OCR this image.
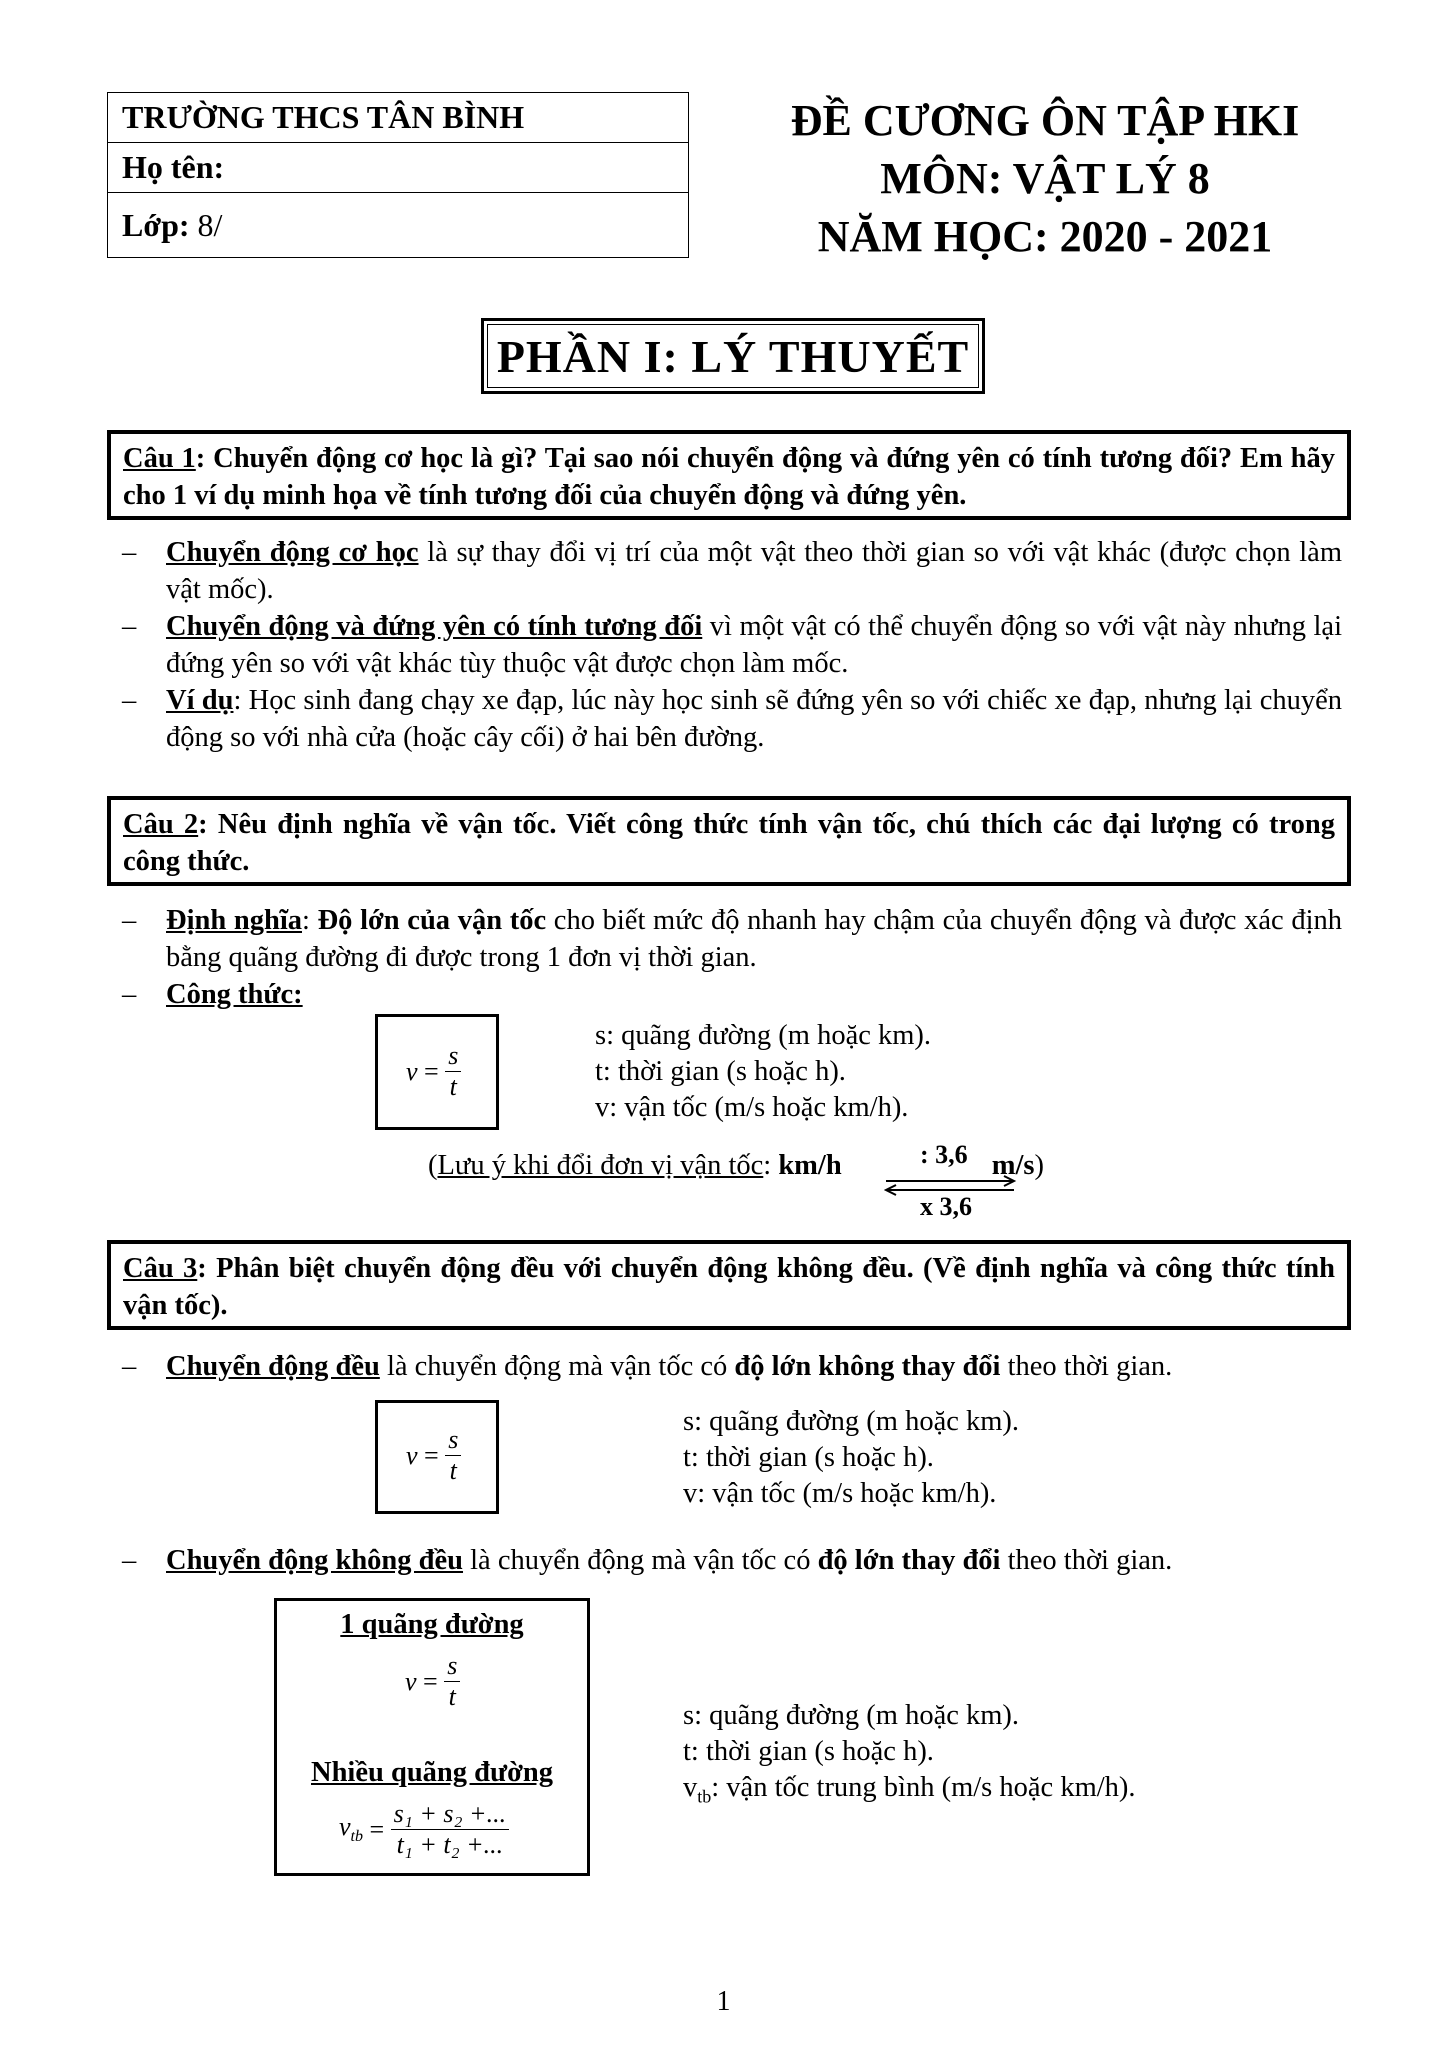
TRƯỜNG THCS TÂN BÌNH
Họ tên:
Lớp: 8/
ĐỀ CƯƠNG ÔN TẬP HKI
MÔN: VẬT LÝ 8
NĂM HỌC: 2020 - 2021
PHẦN I: LÝ THUYẾT
Câu 1: Chuyển động cơ học là gì? Tại sao nói chuyển động và đứng yên có tính tương đối? Em hãy cho 1 ví dụ minh họa về tính tương đối của chuyển động và đứng yên.
– Chuyển động cơ học là sự thay đổi vị trí của một vật theo thời gian so với vật khác (được chọn làm vật mốc).
– Chuyển động và đứng yên có tính tương đối vì một vật có thể chuyển động so với vật này nhưng lại đứng yên so với vật khác tùy thuộc vật được chọn làm mốc.
– Ví dụ: Học sinh đang chạy xe đạp, lúc này học sinh sẽ đứng yên so với chiếc xe đạp, nhưng lại chuyển động so với nhà cửa (hoặc cây cối) ở hai bên đường.
Câu 2: Nêu định nghĩa về vận tốc. Viết công thức tính vận tốc, chú thích các đại lượng có trong công thức.
– Định nghĩa: Độ lớn của vận tốc cho biết mức độ nhanh hay chậm của chuyển động và được xác định bằng quãng đường đi được trong 1 đơn vị thời gian.
– Công thức:
$v = \frac{s}{t}$
s: quãng đường (m hoặc km).
t: thời gian (s hoặc h).
v: vận tốc (m/s hoặc km/h).
(Lưu ý khi đổi đơn vị vận tốc: km/h	m/s)
: 3,6
x 3,6
Câu 3: Phân biệt chuyển động đều với chuyển động không đều. (Về định nghĩa và công thức tính vận tốc).
– Chuyển động đều là chuyển động mà vận tốc có độ lớn không thay đổi theo thời gian.
$v = \frac{s}{t}$
s: quãng đường (m hoặc km).
t: thời gian (s hoặc h).
v: vận tốc (m/s hoặc km/h).
– Chuyển động không đều là chuyển động mà vận tốc có độ lớn thay đổi theo thời gian.
1 quãng đường
$v = \frac{s}{t}$
Nhiều quãng đường
$v_{tb} = \frac{\text{s₁ + s₂ +...}}{\text{t₁ + t₂ +...}}$
s: quãng đường (m hoặc km).
t: thời gian (s hoặc h).
$v_{tb}$: vận tốc trung bình (m/s hoặc km/h).
1
